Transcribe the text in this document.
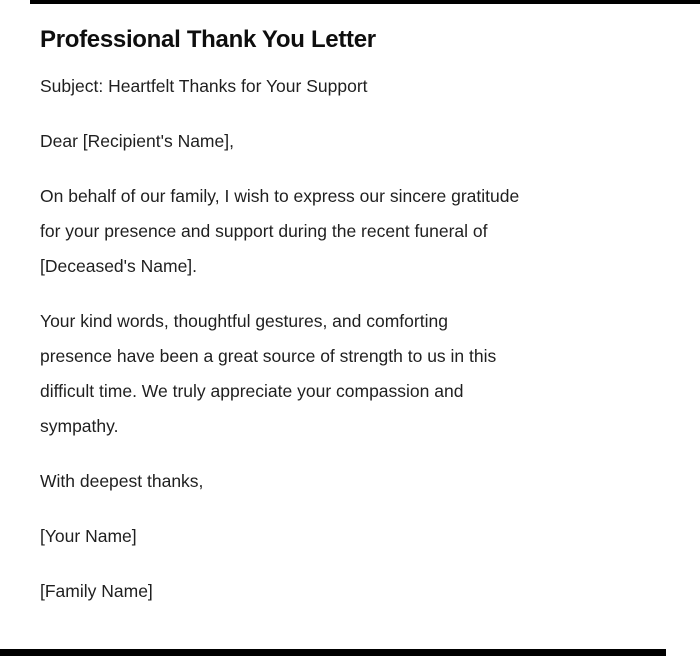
Professional Thank You Letter
Subject: Heartfelt Thanks for Your Support
Dear [Recipient's Name],
On behalf of our family, I wish to express our sincere gratitude
for your presence and support during the recent funeral of
[Deceased's Name].
Your kind words, thoughtful gestures, and comforting
presence have been a great source of strength to us in this
difficult time. We truly appreciate your compassion and
sympathy.
With deepest thanks,
[Your Name]
[Family Name]
